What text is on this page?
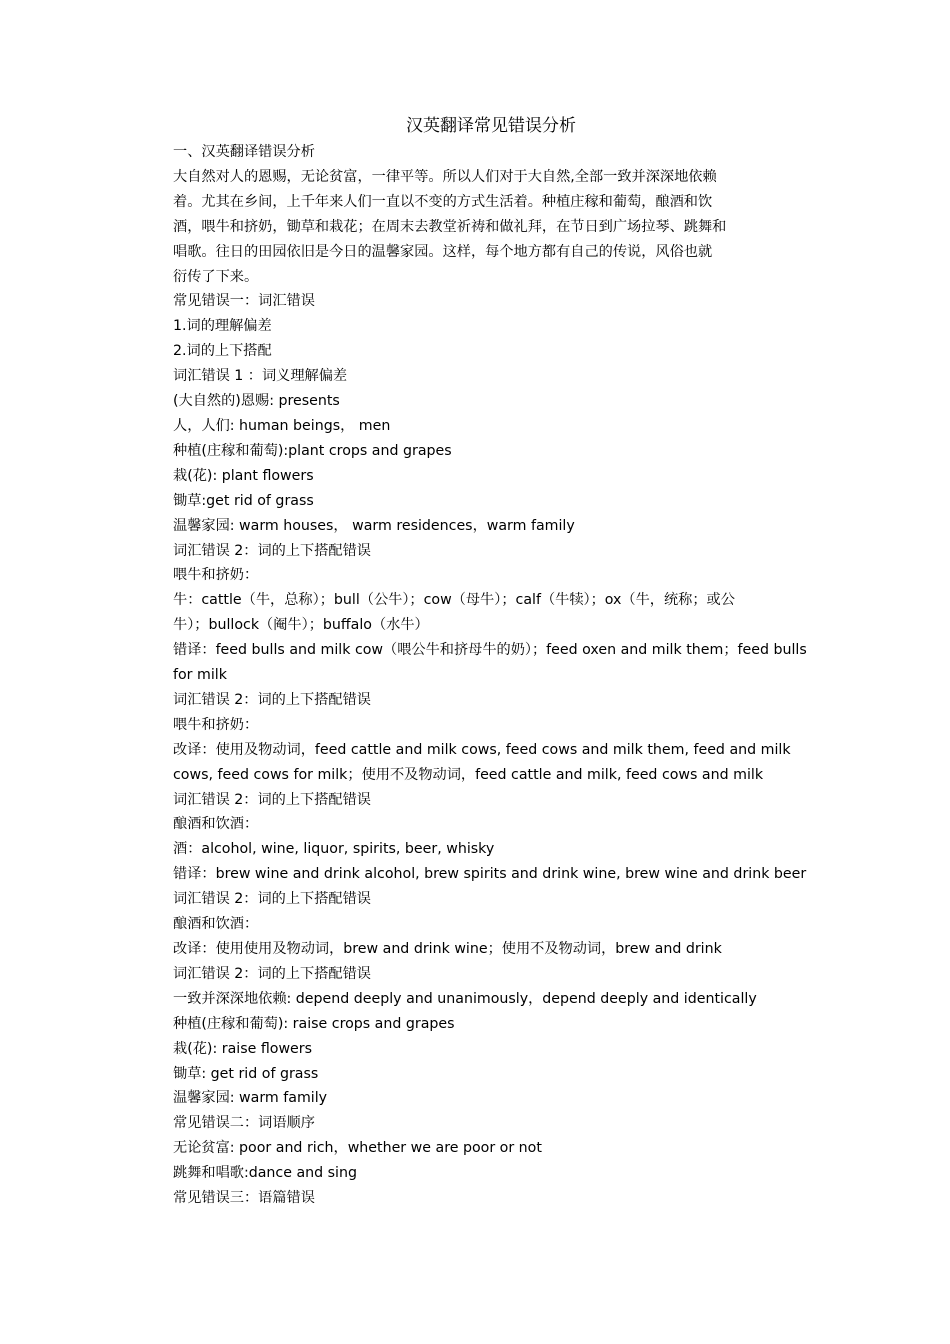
汉英翻译常见错误分析
一、汉英翻译错误分析
大自然对人的恩赐，无论贫富，一律平等。所以人们对于大自然,全部一致并深深地依赖
着。尤其在乡间，上千年来人们一直以不变的方式生活着。种植庄稼和葡萄，酿酒和饮
酒，喂牛和挤奶，锄草和栽花；在周末去教堂祈祷和做礼拜，在节日到广场拉琴、跳舞和
唱歌。往日的田园依旧是今日的温馨家园。这样，每个地方都有自己的传说，风俗也就
衍传了下来。
常见错误一：词汇错误
1.词的理解偏差
2.词的上下搭配
词汇错误 1 ：词义理解偏差
(大自然的)恩赐: presents
人，人们: human beings， men
种植(庄稼和葡萄):plant crops and grapes
栽(花): plant flowers
锄草:get rid of grass
温馨家园: warm houses， warm residences，warm family
词汇错误 2：词的上下搭配错误
喂牛和挤奶：
牛：cattle（牛，总称）；bull（公牛）；cow（母牛）；calf（牛犊）；ox（牛，统称；或公
牛）；bullock（阉牛）；buffalo（水牛）
错译：feed bulls and milk cow（喂公牛和挤母牛的奶）；feed oxen and milk them；feed bulls
for milk
词汇错误 2：词的上下搭配错误
喂牛和挤奶：
改译：使用及物动词，feed cattle and milk cows, feed cows and milk them, feed and milk
cows, feed cows for milk；使用不及物动词，feed cattle and milk, feed cows and milk
词汇错误 2：词的上下搭配错误
酿酒和饮酒：
酒：alcohol, wine, liquor, spirits, beer, whisky
错译：brew wine and drink alcohol, brew spirits and drink wine, brew wine and drink beer
词汇错误 2：词的上下搭配错误
酿酒和饮酒：
改译：使用使用及物动词，brew and drink wine；使用不及物动词，brew and drink
词汇错误 2：词的上下搭配错误
一致并深深地依赖: depend deeply and unanimously，depend deeply and identically
种植(庄稼和葡萄): raise crops and grapes
栽(花): raise flowers
锄草: get rid of grass
温馨家园: warm family
常见错误二：词语顺序
无论贫富: poor and rich，whether we are poor or not
跳舞和唱歌:dance and sing
常见错误三：语篇错误
